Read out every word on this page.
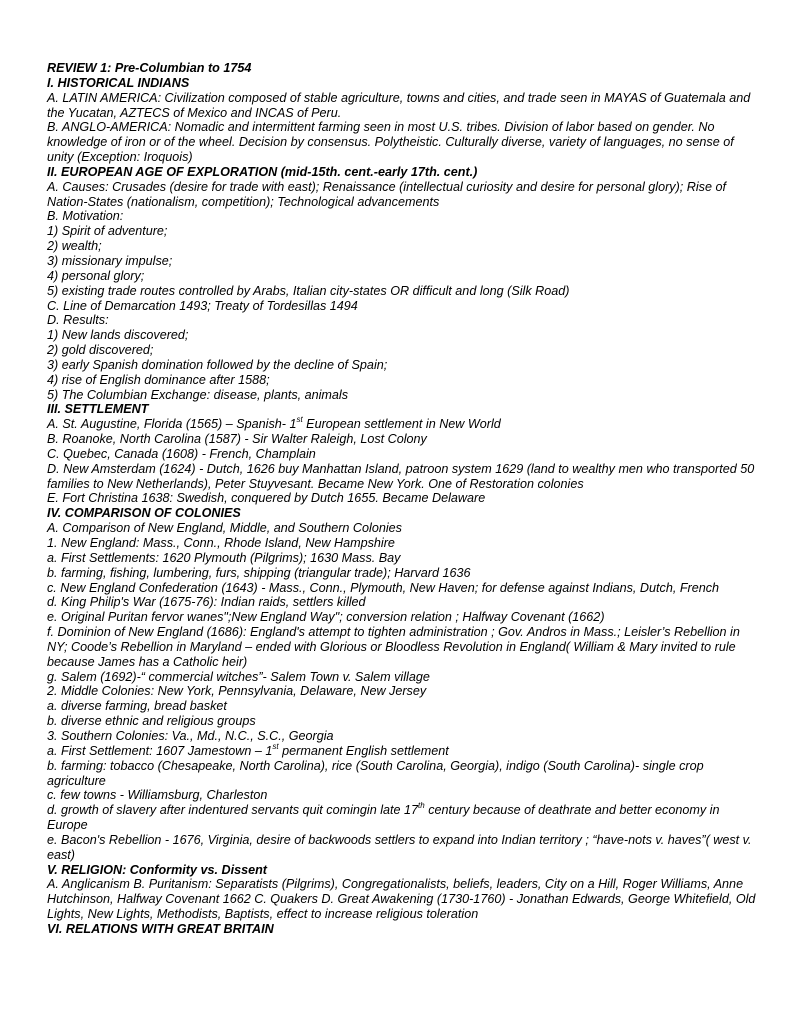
REVIEW 1: Pre-Columbian to 1754
I. HISTORICAL INDIANS
A. LATIN AMERICA: Civilization composed of stable agriculture, towns and cities, and trade seen in MAYAS of Guatemala and the Yucatan, AZTECS of Mexico and INCAS of Peru.
B. ANGLO-AMERICA: Nomadic and intermittent farming seen in most U.S. tribes. Division of labor based on gender. No knowledge of iron or of the wheel. Decision by consensus. Polytheistic. Culturally diverse, variety of languages, no sense of unity (Exception: Iroquois)
II. EUROPEAN AGE OF EXPLORATION (mid-15th. cent.-early 17th. cent.)
A. Causes: Crusades (desire for trade with east); Renaissance (intellectual curiosity and desire for personal glory); Rise of Nation-States (nationalism, competition); Technological advancements
B. Motivation:
1) Spirit of adventure;
2) wealth;
3) missionary impulse;
4) personal glory;
5) existing trade routes controlled by Arabs, Italian city-states OR difficult and long (Silk Road)
C. Line of Demarcation 1493; Treaty of Tordesillas 1494
D. Results:
1) New lands discovered;
2) gold discovered;
3) early Spanish domination followed by the decline of Spain;
4) rise of English dominance after 1588;
5) The Columbian Exchange: disease, plants, animals
III. SETTLEMENT
A. St. Augustine, Florida (1565) – Spanish- 1st European settlement in New World
B. Roanoke, North Carolina (1587) - Sir Walter Raleigh, Lost Colony
C. Quebec, Canada (1608) - French, Champlain
D. New Amsterdam (1624) - Dutch, 1626 buy Manhattan Island, patroon system 1629 (land to wealthy men who transported 50 families to New Netherlands), Peter Stuyvesant. Became New York. One of Restoration colonies
E. Fort Christina 1638: Swedish, conquered by Dutch 1655. Became Delaware
IV. COMPARISON OF COLONIES
A. Comparison of New England, Middle, and Southern Colonies
1. New England: Mass., Conn., Rhode Island, New Hampshire
a. First Settlements: 1620 Plymouth (Pilgrims); 1630 Mass. Bay
b. farming, fishing, lumbering, furs, shipping (triangular trade); Harvard 1636
c. New England Confederation (1643) - Mass., Conn., Plymouth, New Haven; for defense against Indians, Dutch, French
d. King Philip's War (1675-76): Indian raids, settlers killed
e. Original Puritan fervor wanes";New England Way"; conversion relation ; Halfway Covenant (1662)
f. Dominion of New England (1686): England's attempt to tighten administration ; Gov. Andros in Mass.; Leisler’s Rebellion in NY; Coode’s Rebellion in Maryland – ended with Glorious or Bloodless Revolution in England( William & Mary invited to rule because James has a Catholic heir)
g. Salem (1692)-“ commercial witches”- Salem Town v. Salem village
2. Middle Colonies: New York, Pennsylvania, Delaware, New Jersey
a. diverse farming, bread basket
b. diverse ethnic and religious groups
3. Southern Colonies: Va., Md., N.C., S.C., Georgia
a. First Settlement: 1607 Jamestown – 1st permanent English settlement
b. farming: tobacco (Chesapeake, North Carolina), rice (South Carolina, Georgia), indigo (South Carolina)- single crop agriculture
c. few towns - Williamsburg, Charleston
d. growth of slavery after indentured servants quit comingin late 17th century because of deathrate and better economy in Europe
e. Bacon's Rebellion - 1676, Virginia, desire of backwoods settlers to expand into Indian territory ; “have-nots v. haves”( west v. east)
V. RELIGION: Conformity vs. Dissent
A. Anglicanism B. Puritanism: Separatists (Pilgrims), Congregationalists, beliefs, leaders, City on a Hill, Roger Williams, Anne Hutchinson, Halfway Covenant 1662 C. Quakers D. Great Awakening (1730-1760) - Jonathan Edwards, George Whitefield, Old Lights, New Lights, Methodists, Baptists, effect to increase religious toleration
VI. RELATIONS WITH GREAT BRITAIN
